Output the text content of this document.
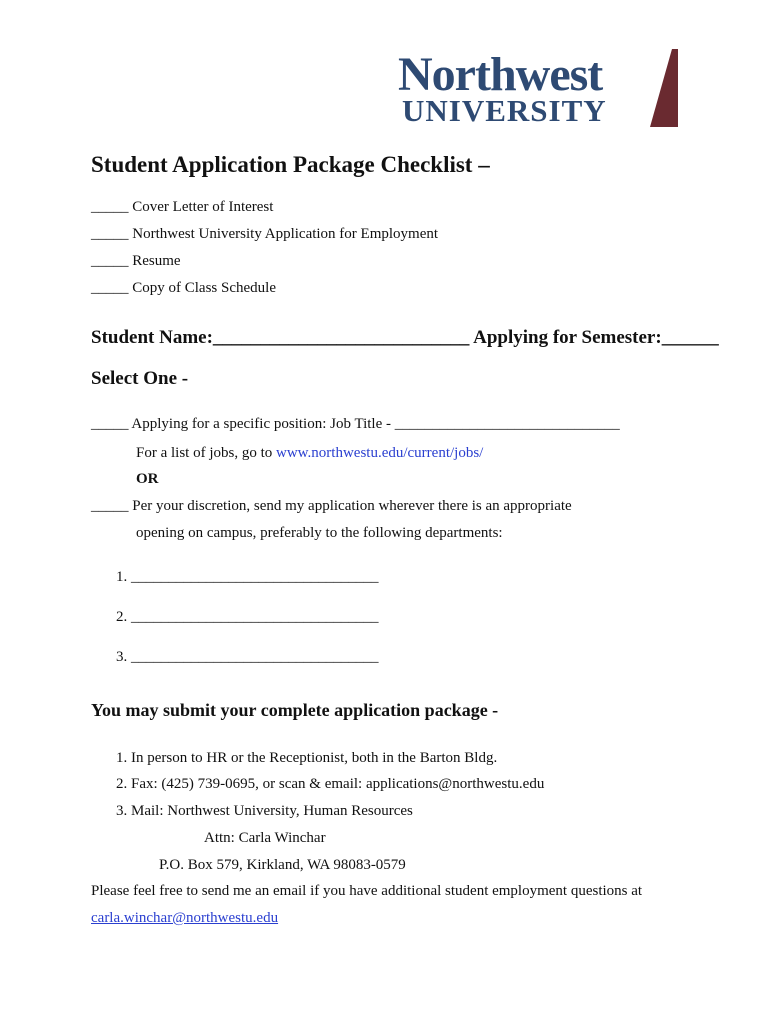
Northwest
UNIVERSITY
Student Application Package Checklist –
_____ Cover Letter of Interest
_____ Northwest University Application for Employment
_____ Resume
_____ Copy of Class Schedule
Student Name:___________________________ Applying for Semester:______
Select One -
_____ Applying for a specific position: Job Title - ______________________________
For a list of jobs, go to www.northwestu.edu/current/jobs/
OR
_____ Per your discretion, send my application wherever there is an appropriate
opening on campus, preferably to the following departments:
1. _________________________________
2. _________________________________
3. _________________________________
You may submit your complete application package -
1. In person to HR or the Receptionist, both in the Barton Bldg.
2. Fax: (425) 739-0695, or scan & email: applications@northwestu.edu
3. Mail: Northwest University, Human Resources
Attn: Carla Winchar
P.O. Box 579, Kirkland, WA 98083-0579
Please feel free to send me an email if you have additional student employment questions at
carla.winchar@northwestu.edu
